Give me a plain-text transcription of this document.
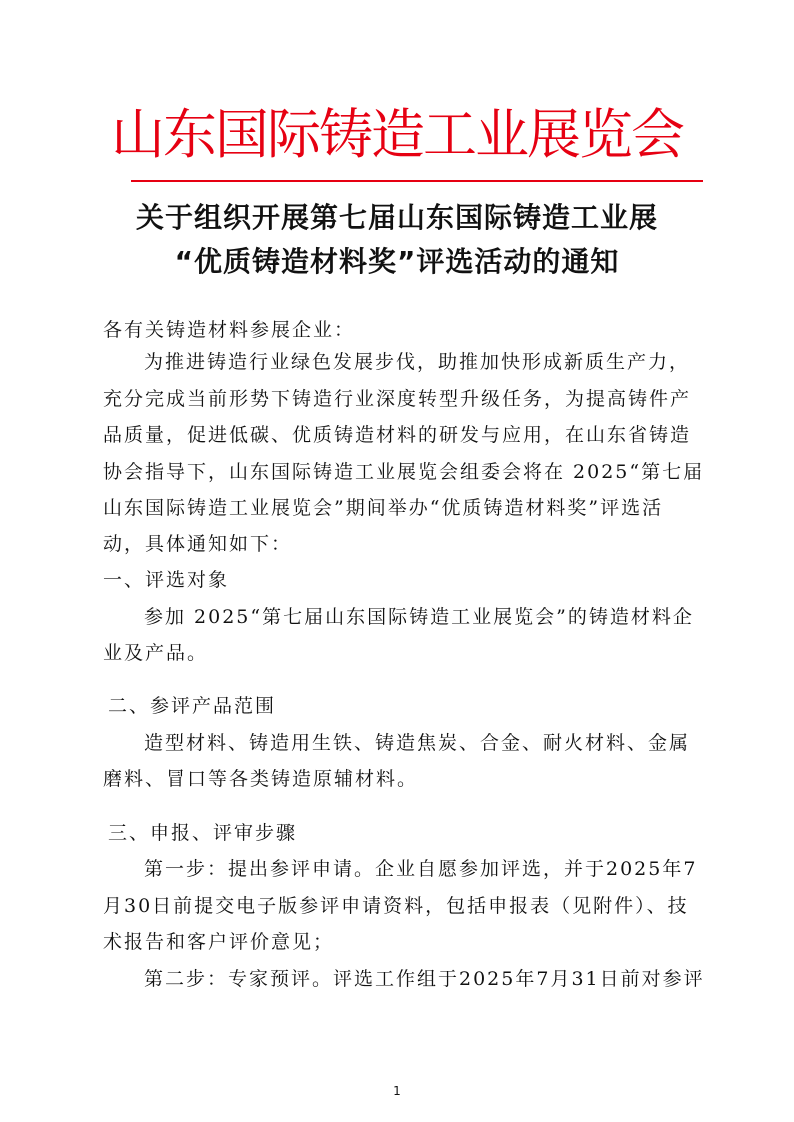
山东国际铸造工业展览会
关于组织开展第七届山东国际铸造工业展
“优质铸造材料奖”评选活动的通知
各有关铸造材料参展企业：
为推进铸造行业绿色发展步伐，助推加快形成新质生产力，
充分完成当前形势下铸造行业深度转型升级任务，为提高铸件产
品质量，促进低碳、优质铸造材料的研发与应用，在山东省铸造
协会指导下，山东国际铸造工业展览会组委会将在 2025“第七届
山东国际铸造工业展览会”期间举办“优质铸造材料奖”评选活
动，具体通知如下：
一、评选对象
参加 2025“第七届山东国际铸造工业展览会”的铸造材料企
业及产品。
二、参评产品范围
造型材料、铸造用生铁、铸造焦炭、合金、耐火材料、金属
磨料、冒口等各类铸造原辅材料。
三、申报、评审步骤
第一步：提出参评申请。企业自愿参加评选，并于2025年7
月30日前提交电子版参评申请资料，包括申报表（见附件）、技
术报告和客户评价意见；
第二步：专家预评。评选工作组于2025年7月31日前对参评
1
